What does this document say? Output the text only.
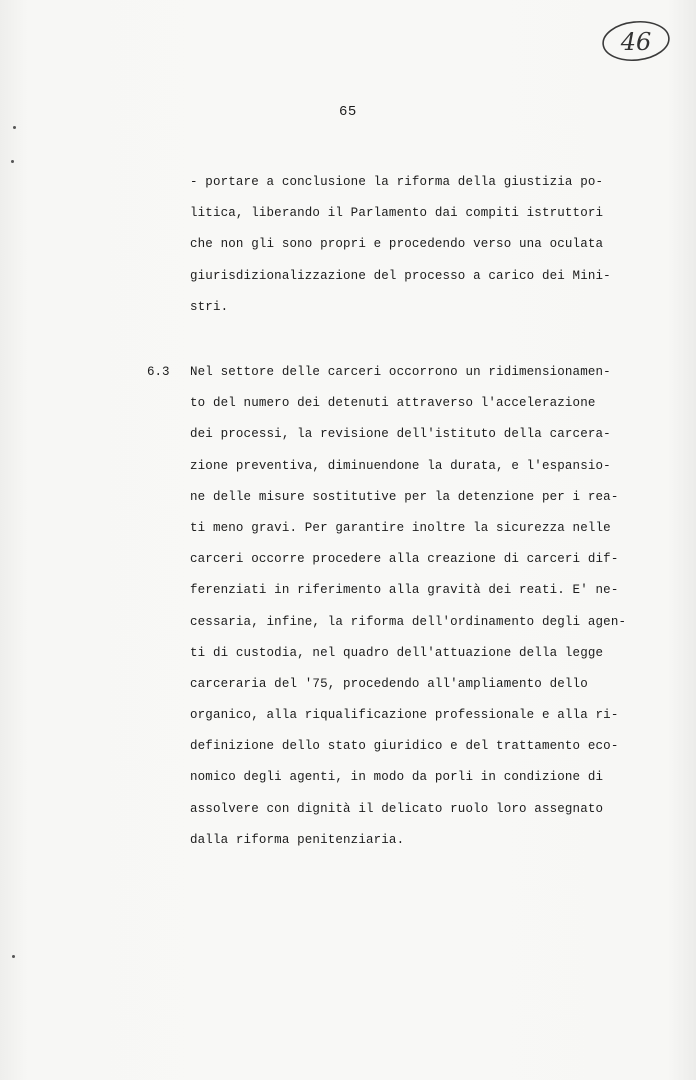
46
65
- portare a conclusione la riforma della giustizia po-
litica, liberando il Parlamento dai compiti istruttori
che non gli sono propri e procedendo verso una oculata
giurisdizionalizzazione del processo a carico dei Mini-
stri.
6.3 Nel settore delle carceri occorrono un ridimensionamen-
to del numero dei detenuti attraverso l'accelerazione
dei processi, la revisione dell'istituto della carcera-
zione preventiva, diminuendone la durata, e l'espansio-
ne delle misure sostitutive per la detenzione per i rea-
ti meno gravi. Per garantire inoltre la sicurezza nelle
carceri occorre procedere alla creazione di carceri dif-
ferenziati in riferimento alla gravità dei reati. E' ne-
cessaria, infine, la riforma dell'ordinamento degli agen-
ti di custodia, nel quadro dell'attuazione della legge
carceraria del '75, procedendo all'ampliamento dello
organico, alla riqualificazione professionale e alla ri-
definizione dello stato giuridico e del trattamento eco-
nomico degli agenti, in modo da porli in condizione di
assolvere con dignità il delicato ruolo loro assegnato
dalla riforma penitenziaria.
